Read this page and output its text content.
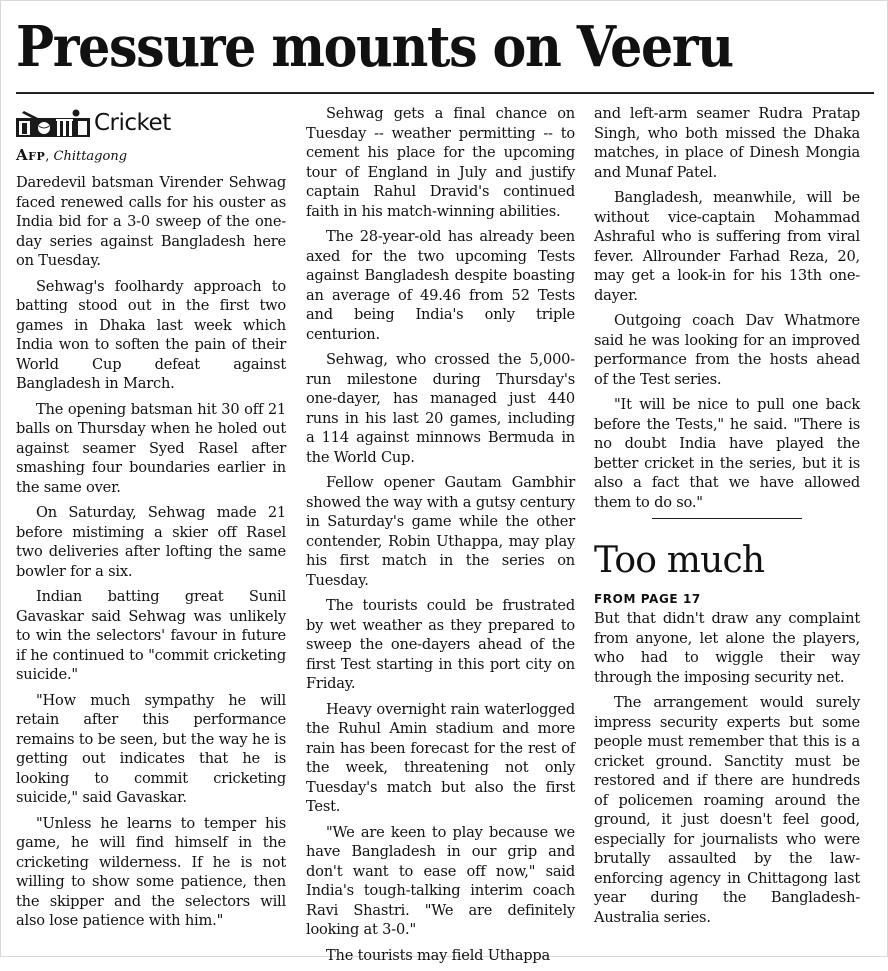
Pressure mounts on Veeru
Cricket
Afp, Chittagong

Daredevil batsman Virender Sehwag faced renewed calls for his ouster as India bid for a 3-0 sweep of the one-day series against Bangladesh here on Tuesday.

Sehwag's foolhardy approach to batting stood out in the first two games in Dhaka last week which India won to soften the pain of their World Cup defeat against Bangladesh in March.

The opening batsman hit 30 off 21 balls on Thursday when he holed out against seamer Syed Rasel after smashing four boundaries earlier in the same over.

On Saturday, Sehwag made 21 before mistiming a skier off Rasel two deliveries after lofting the same bowler for a six.

Indian batting great Sunil Gavaskar said Sehwag was unlikely to win the selectors' favour in future if he continued to "commit cricketing suicide."

"How much sympathy he will retain after this performance remains to be seen, but the way he is getting out indicates that he is looking to commit cricketing suicide," said Gavaskar.

"Unless he learns to temper his game, he will find himself in the cricketing wilderness. If he is not willing to show some patience, then the skipper and the selectors will also lose patience with him."

Sehwag gets a final chance on Tuesday -- weather permitting -- to cement his place for the upcoming tour of England in July and justify captain Rahul Dravid's continued faith in his match-winning abilities.

The 28-year-old has already been axed for the two upcoming Tests against Bangladesh despite boasting an average of 49.46 from 52 Tests and being India's only triple centurion.

Sehwag, who crossed the 5,000-run milestone during Thursday's one-dayer, has managed just 440 runs in his last 20 games, including a 114 against minnows Bermuda in the World Cup.

Fellow opener Gautam Gambhir showed the way with a gutsy century in Saturday's game while the other contender, Robin Uthappa, may play his first match in the series on Tuesday.

The tourists could be frustrated by wet weather as they prepared to sweep the one-dayers ahead of the first Test starting in this port city on Friday.

Heavy overnight rain waterlogged the Ruhul Amin stadium and more rain has been forecast for the rest of the week, threatening not only Tuesday's match but also the first Test.

"We are keen to play because we have Bangladesh in our grip and don't want to ease off now," said India's tough-talking interim coach Ravi Shastri. "We are definitely looking at 3-0."

The tourists may field Uthappa

and left-arm seamer Rudra Pratap Singh, who both missed the Dhaka matches, in place of Dinesh Mongia and Munaf Patel.

Bangladesh, meanwhile, will be without vice-captain Mohammad Ashraful who is suffering from viral fever. Allrounder Farhad Reza, 20, may get a look-in for his 13th one-dayer.

Outgoing coach Dav Whatmore said he was looking for an improved performance from the hosts ahead of the Test series.

"It will be nice to pull one back before the Tests," he said. "There is no doubt India have played the better cricket in the series, but it is also a fact that we have allowed them to do so."

Too much
FROM PAGE 17

But that didn't draw any complaint from anyone, let alone the players, who had to wiggle their way through the imposing security net.

The arrangement would surely impress security experts but some people must remember that this is a cricket ground. Sanctity must be restored and if there are hundreds of policemen roaming around the ground, it just doesn't feel good, especially for journalists who were brutally assaulted by the law-enforcing agency in Chittagong last year during the Bangladesh-Australia series.
